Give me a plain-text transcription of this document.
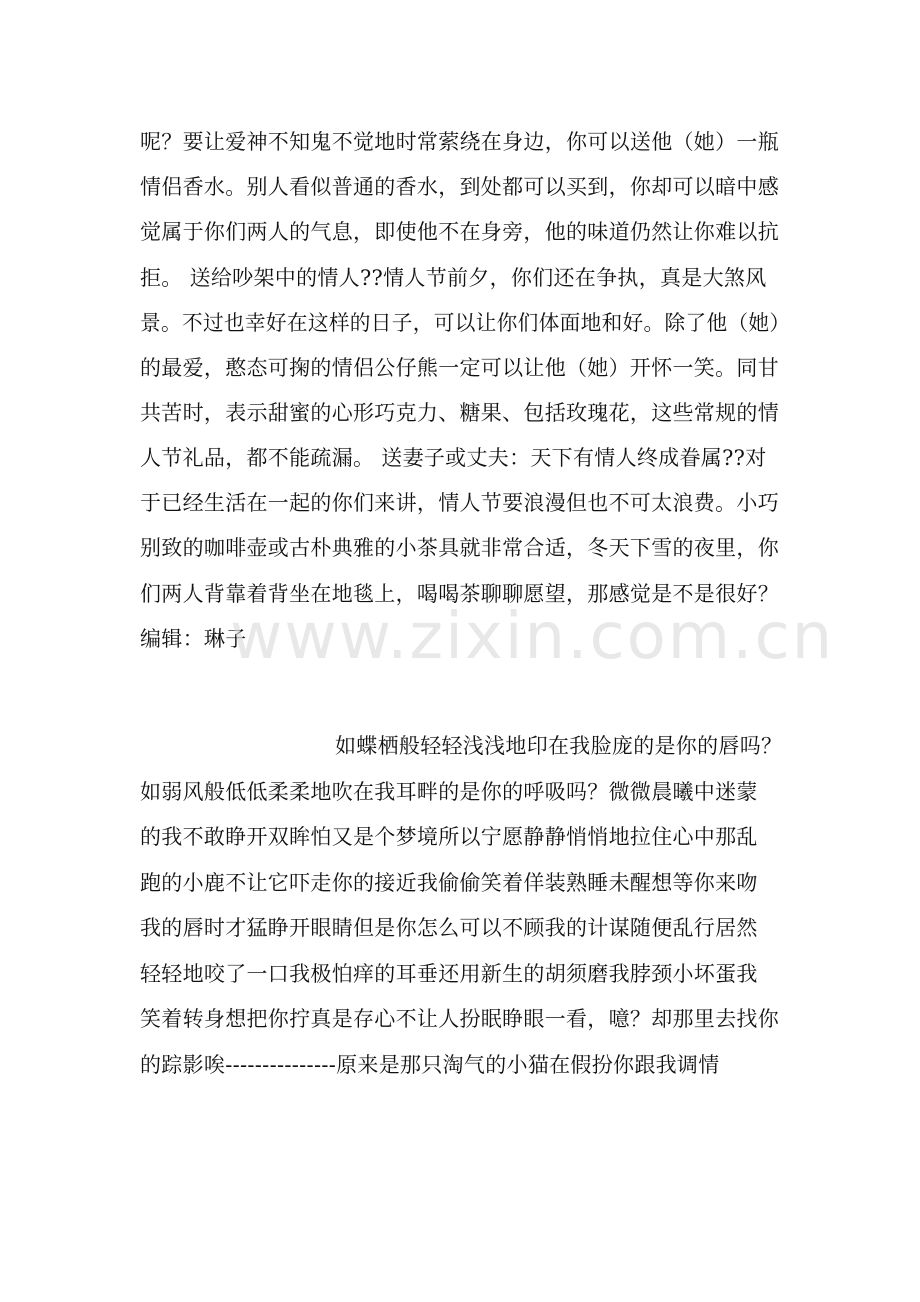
呢？要让爱神不知鬼不觉地时常萦绕在身边，你可以送他（她）一瓶
情侣香水。别人看似普通的香水，到处都可以买到，你却可以暗中感
觉属于你们两人的气息，即使他不在身旁，他的味道仍然让你难以抗
拒。 送给吵架中的情人??情人节前夕，你们还在争执，真是大煞风
景。不过也幸好在这样的日子，可以让你们体面地和好。除了他（她）
的最爱，憨态可掬的情侣公仔熊一定可以让他（她）开怀一笑。同甘
共苦时，表示甜蜜的心形巧克力、糖果、包括玫瑰花，这些常规的情
人节礼品，都不能疏漏。 送妻子或丈夫：天下有情人终成眷属??对
于已经生活在一起的你们来讲，情人节要浪漫但也不可太浪费。小巧
别致的咖啡壶或古朴典雅的小茶具就非常合适，冬天下雪的夜里，你
们两人背靠着背坐在地毯上，喝喝茶聊聊愿望，那感觉是不是很好？
编辑：琳子
www.zixin.com.cn
如蝶栖般轻轻浅浅地印在我脸庞的是你的唇吗？
如弱风般低低柔柔地吹在我耳畔的是你的呼吸吗？微微晨曦中迷蒙
的我不敢睁开双眸怕又是个梦境所以宁愿静静悄悄地拉住心中那乱
跑的小鹿不让它吓走你的接近我偷偷笑着佯装熟睡未醒想等你来吻
我的唇时才猛睁开眼睛但是你怎么可以不顾我的计谋随便乱行居然
轻轻地咬了一口我极怕痒的耳垂还用新生的胡须磨我脖颈小坏蛋我
笑着转身想把你拧真是存心不让人扮眠睁眼一看，噫？却那里去找你
的踪影唉---------------原来是那只淘气的小猫在假扮你跟我调情
